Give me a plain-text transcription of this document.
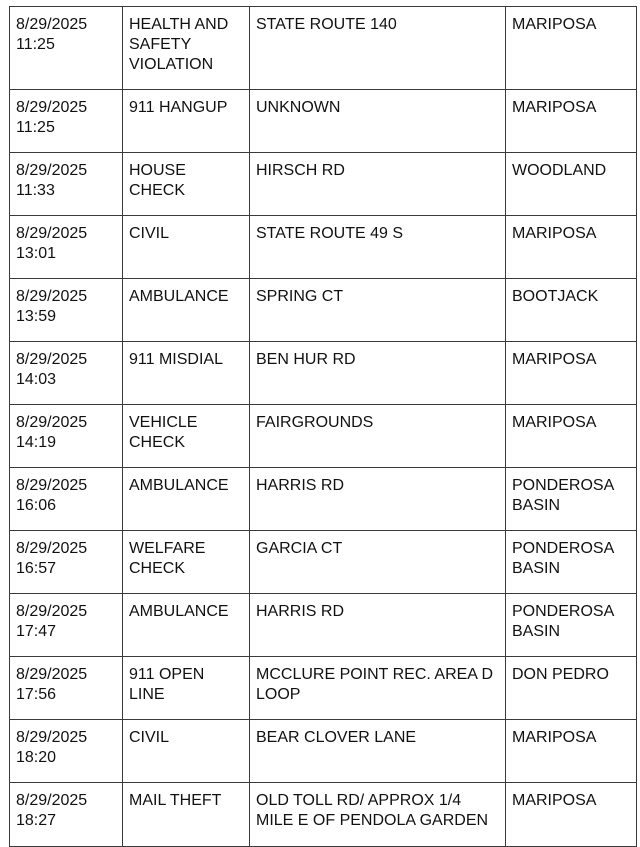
8/29/2025
11:25	HEALTH AND SAFETY VIOLATION	STATE ROUTE 140	MARIPOSA

8/29/2025
11:25	911 HANGUP	UNKNOWN	MARIPOSA

8/29/2025
11:33	HOUSE CHECK	HIRSCH RD	WOODLAND

8/29/2025
13:01	CIVIL	STATE ROUTE 49 S	MARIPOSA

8/29/2025
13:59	AMBULANCE	SPRING CT	BOOTJACK

8/29/2025
14:03	911 MISDIAL	BEN HUR RD	MARIPOSA

8/29/2025
14:19	VEHICLE CHECK	FAIRGROUNDS	MARIPOSA

8/29/2025
16:06	AMBULANCE	HARRIS RD	PONDEROSA BASIN

8/29/2025
16:57	WELFARE CHECK	GARCIA CT	PONDEROSA BASIN

8/29/2025
17:47	AMBULANCE	HARRIS RD	PONDEROSA BASIN

8/29/2025
17:56	911 OPEN LINE	MCCLURE POINT REC. AREA D LOOP	DON PEDRO

8/29/2025
18:20	CIVIL	BEAR CLOVER LANE	MARIPOSA

8/29/2025
18:27	MAIL THEFT	OLD TOLL RD/ APPROX 1/4 MILE E OF PENDOLA GARDEN	MARIPOSA
